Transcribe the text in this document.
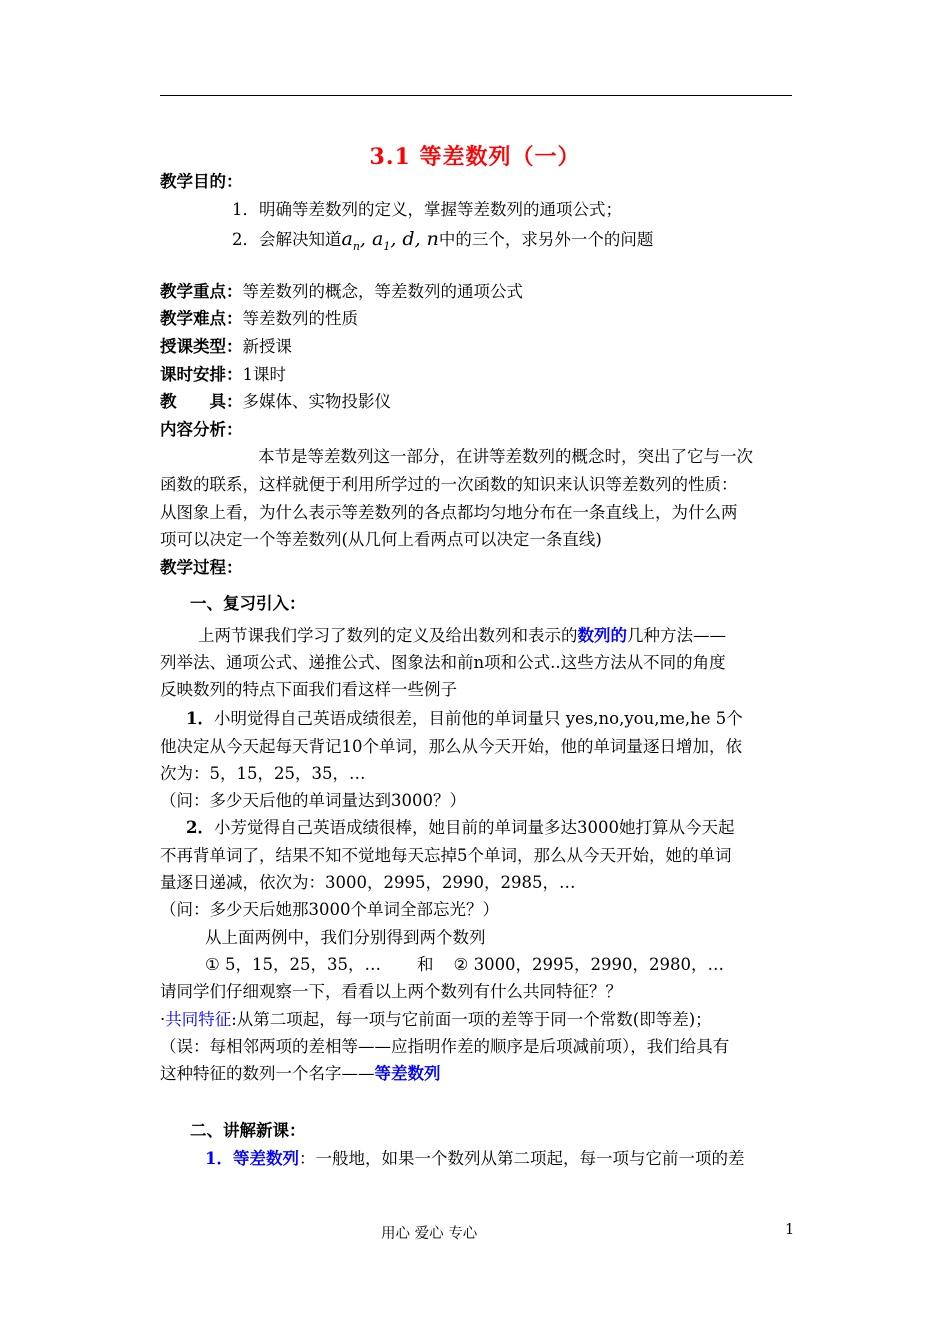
3.1 等差数列（一）
教学目的：
1．明确等差数列的定义，掌握等差数列的通项公式；
2．会解决知道$a_n$, $a_1$, d, n中的三个，求另外一个的问题
教学重点：等差数列的概念，等差数列的通项公式
教学难点：等差数列的性质
授课类型：新授课
课时安排：1课时
教　　具：多媒体、实物投影仪
内容分析：
本节是等差数列这一部分，在讲等差数列的概念时，突出了它与一次
函数的联系，这样就便于利用所学过的一次函数的知识来认识等差数列的性质：
从图象上看，为什么表示等差数列的各点都均匀地分布在一条直线上，为什么两
项可以决定一个等差数列(从几何上看两点可以决定一条直线)
教学过程：
一、复习引入：
上两节课我们学习了数列的定义及给出数列和表示的数列的几种方法——
列举法、通项公式、递推公式、图象法和前n项和公式..这些方法从不同的角度
反映数列的特点下面我们看这样一些例子
1．小明觉得自己英语成绩很差，目前他的单词量只 yes,no,you,me,he 5个
他决定从今天起每天背记10个单词，那么从今天开始，他的单词量逐日增加，依
次为：5，15，25，35，…
（问：多少天后他的单词量达到3000？）
2．小芳觉得自己英语成绩很棒，她目前的单词量多达3000她打算从今天起
不再背单词了，结果不知不觉地每天忘掉5个单词，那么从今天开始，她的单词
量逐日递减，依次为：3000，2995，2990，2985，…
（问：多少天后她那3000个单词全部忘光？）
从上面两例中，我们分别得到两个数列
① 5，15，25，35，… 和 ② 3000，2995，2990，2980，…
请同学们仔细观察一下，看看以上两个数列有什么共同特征？？
·共同特征:从第二项起，每一项与它前面一项的差等于同一个常数(即等差)；
（误：每相邻两项的差相等——应指明作差的顺序是后项减前项），我们给具有
这种特征的数列一个名字——等差数列
二、讲解新课：
1．等差数列：一般地，如果一个数列从第二项起，每一项与它前一项的差
用心 爱心 专心	1
